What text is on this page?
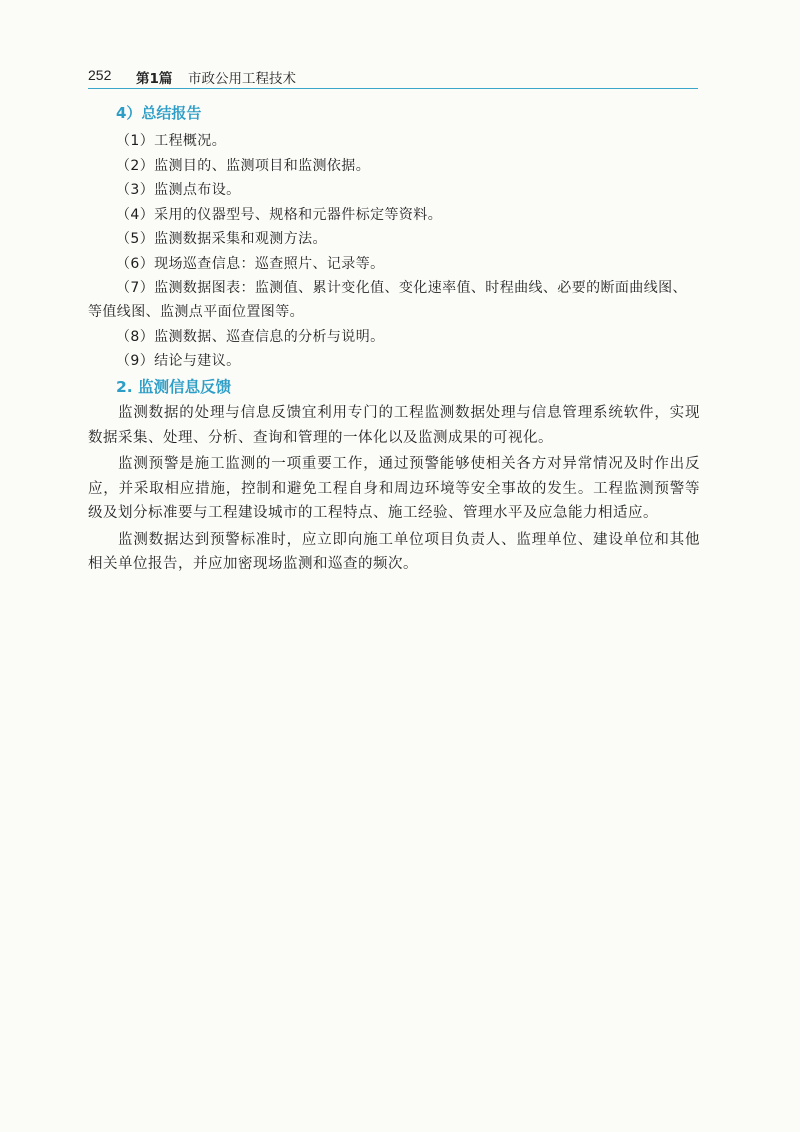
252 第1篇 市政公用工程技术
4）总结报告
（1）工程概况。
（2）监测目的、监测项目和监测依据。
（3）监测点布设。
（4）采用的仪器型号、规格和元器件标定等资料。
（5）监测数据采集和观测方法。
（6）现场巡查信息：巡查照片、记录等。
（7）监测数据图表：监测值、累计变化值、变化速率值、时程曲线、必要的断面曲线图、等值线图、监测点平面位置图等。
（8）监测数据、巡查信息的分析与说明。
（9）结论与建议。
2. 监测信息反馈
监测数据的处理与信息反馈宜利用专门的工程监测数据处理与信息管理系统软件，实现数据采集、处理、分析、查询和管理的一体化以及监测成果的可视化。
监测预警是施工监测的一项重要工作，通过预警能够使相关各方对异常情况及时作出反应，并采取相应措施，控制和避免工程自身和周边环境等安全事故的发生。工程监测预警等级及划分标准要与工程建设城市的工程特点、施工经验、管理水平及应急能力相适应。
监测数据达到预警标准时，应立即向施工单位项目负责人、监理单位、建设单位和其他相关单位报告，并应加密现场监测和巡查的频次。
